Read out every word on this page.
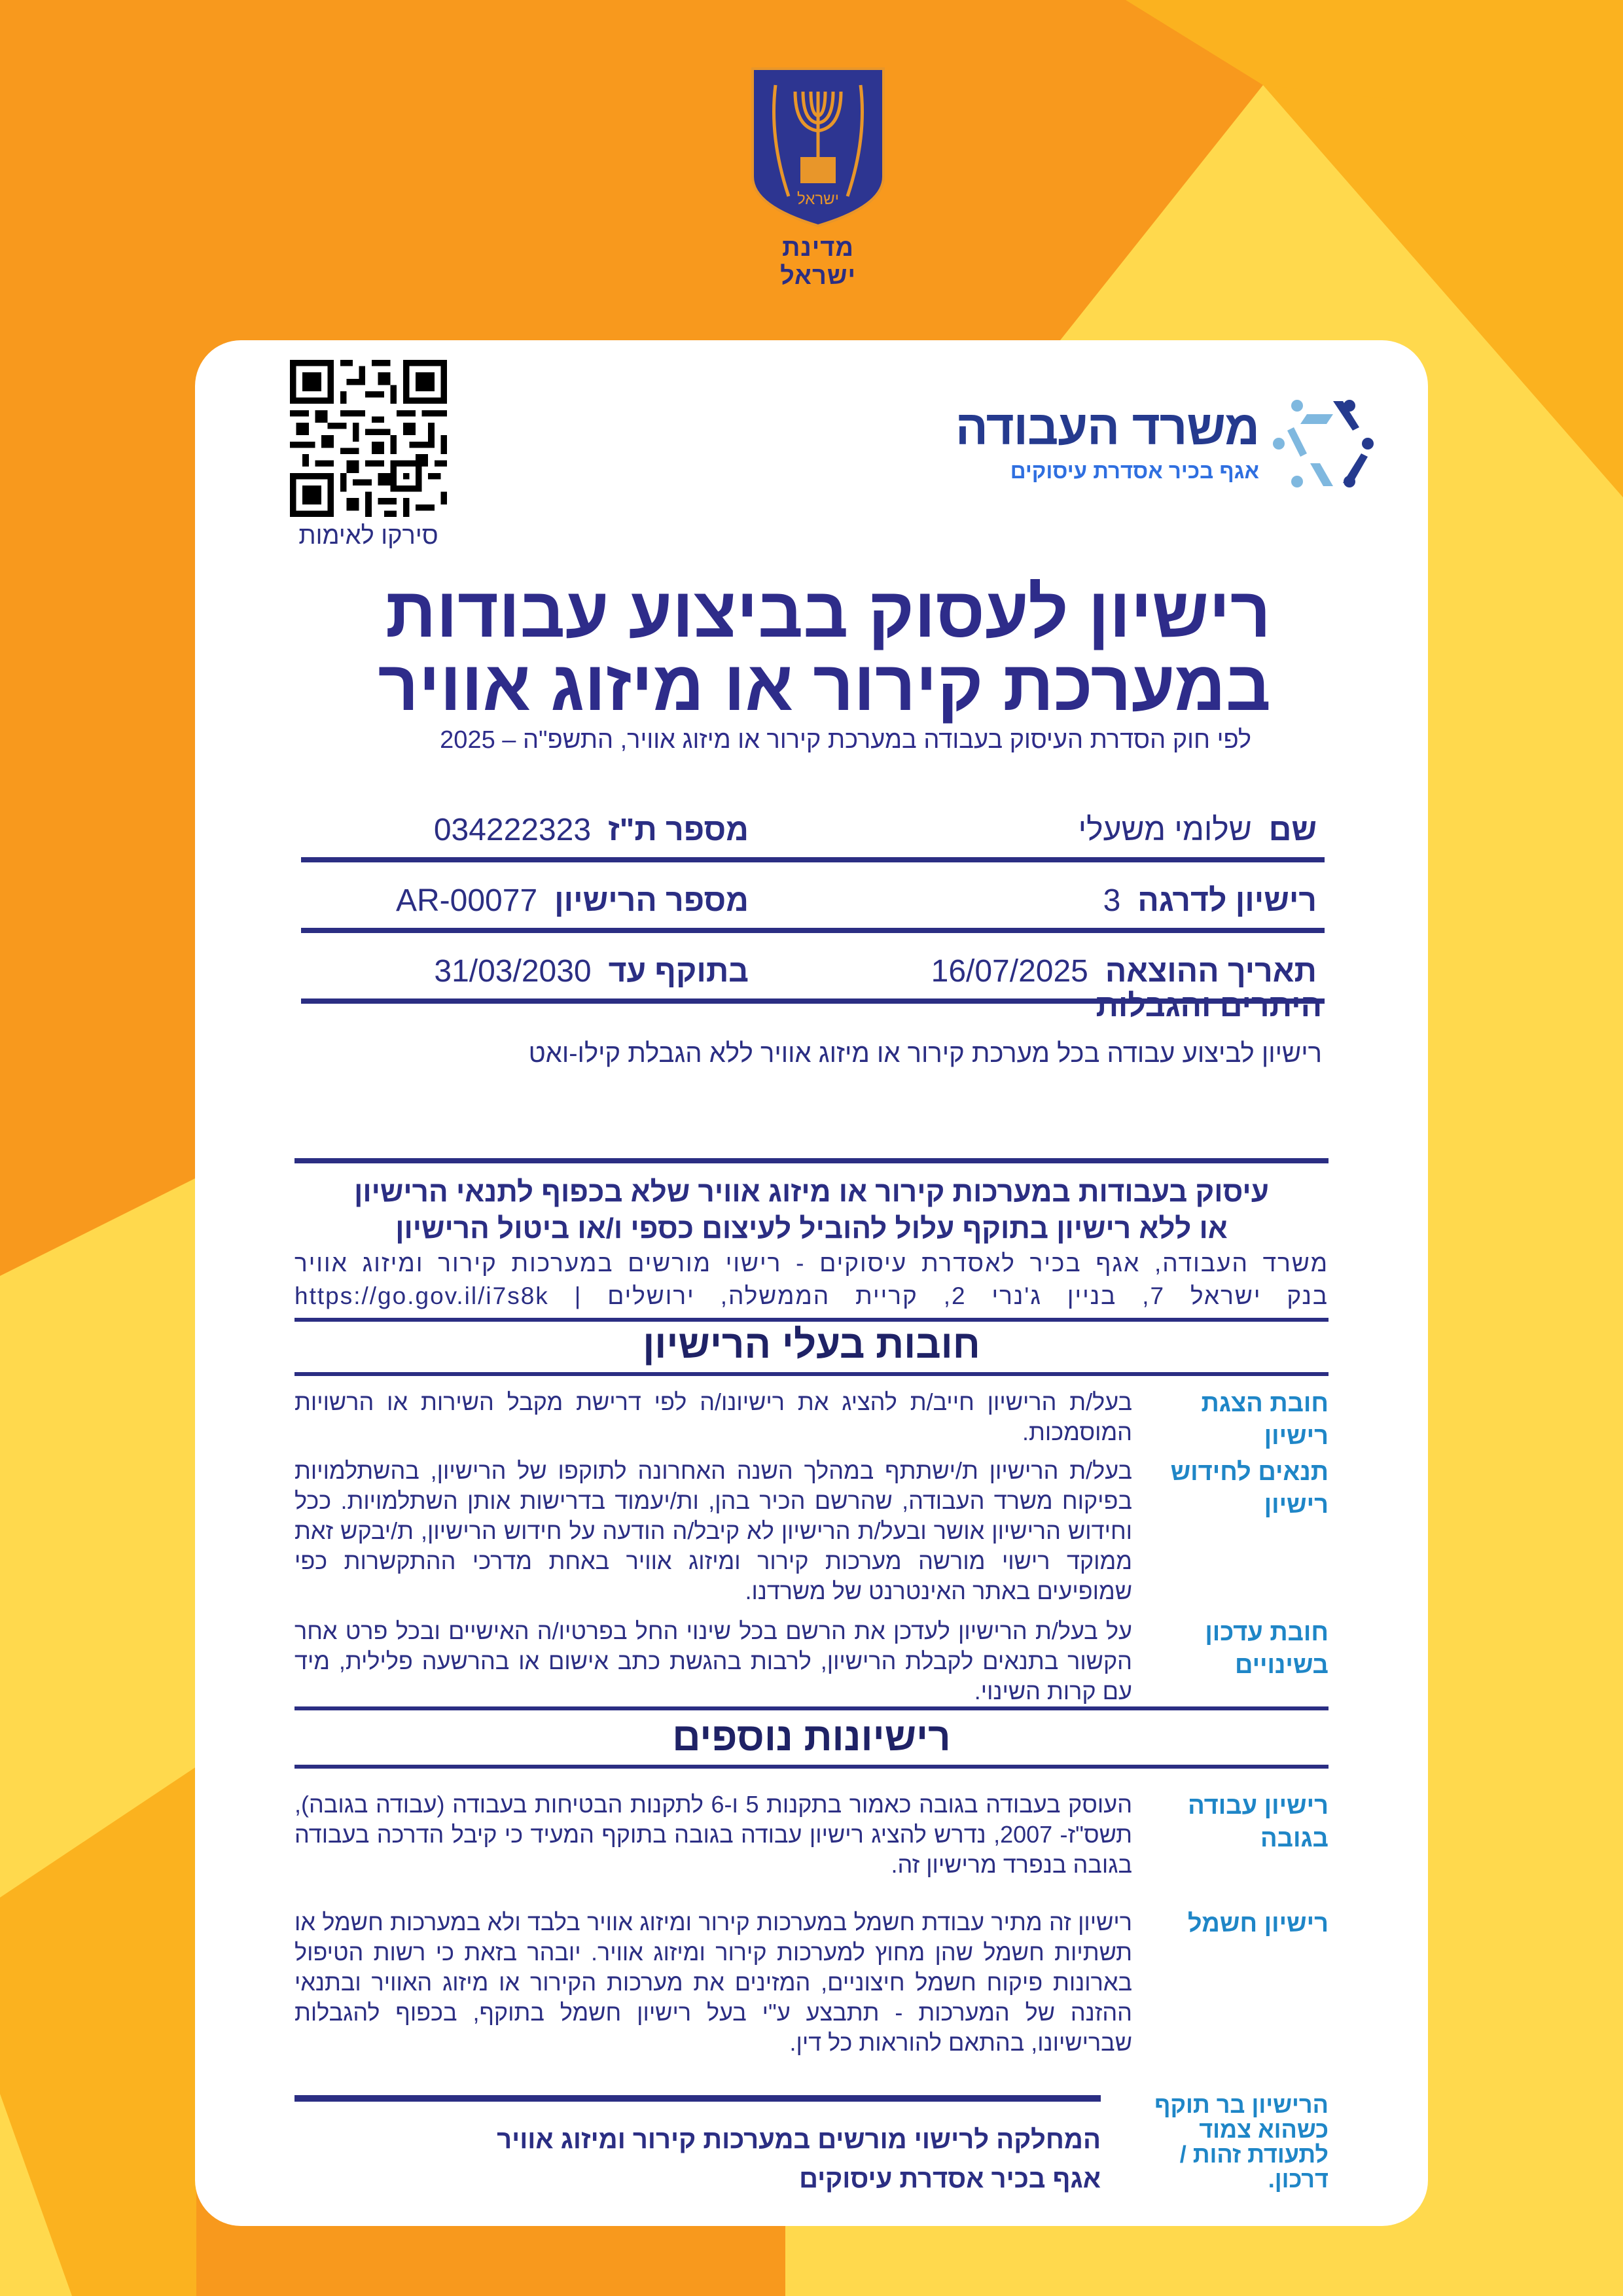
ישראל
מדינת ישראל
סירקו לאימות
משרד העבודה
אגף בכיר אסדרת עיסוקים
רישיון לעסוק בביצוע עבודות
במערכת קירור או מיזוג אוויר
לפי חוק הסדרת העיסוק בעבודה במערכת קירור או מיזוג אוויר, התשפ"ה – 2025
שם
שלומי משעלי
מספר ת"ז
034222323
רישיון לדרגה
3
מספר הרישיון
AR-00077
תאריך ההוצאה
16/07/2025
בתוקף עד
31/03/2030
היתרים והגבלות
רישיון לביצוע עבודה בכל מערכת קירור או מיזוג אוויר ללא הגבלת קילו-ואט
עיסוק בעבודות במערכות קירור או מיזוג אוויר שלא בכפוף לתנאי הרישיון
או ללא רישיון בתוקף עלול להוביל לעיצום כספי ו/או ביטול הרישיון
משרד העבודה, אגף בכיר לאסדרת עיסוקים - רישוי מורשים במערכות קירור ומיזוג אוויר
בנק ישראל 7, בניין ג'נרי 2, קריית הממשלה, ירושלים | https://go.gov.il/i7s8k
חובות בעלי הרישיון
חובת הצגת רישיון
בעל/ת הרישיון חייב/ת להציג את רישיונו/ה לפי דרישת מקבל השירות או הרשויות המוסמכות.
תנאים לחידוש רישיון
בעל/ת הרישיון ת/ישתתף במהלך השנה האחרונה לתוקפו של הרישיון, בהשתלמויות בפיקוח משרד העבודה, שהרשם הכיר בהן, ות/יעמוד בדרישות אותן השתלמויות. ככל וחידוש הרישיון אושר ובעל/ת הרישיון לא קיבל/ה הודעה על חידוש הרישיון, ת/יבקש זאת ממוקד רישוי מורשה מערכות קירור ומיזוג אוויר באחת מדרכי ההתקשרות כפי שמופיעים באתר האינטרנט של משרדנו.
חובת עדכון בשינויים
על בעל/ת הרישיון לעדכן את הרשם בכל שינוי החל בפרטיו/ה האישיים ובכל פרט אחר הקשור בתנאים לקבלת הרישיון, לרבות בהגשת כתב אישום או בהרשעה פלילית, מיד עם קרות השינוי.
רישיונות נוספים
רישיון עבודה בגובה
העוסק בעבודה בגובה כאמור בתקנות 5 ו-6 לתקנות הבטיחות בעבודה (עבודה בגובה), תשס"ז- 2007, נדרש להציג רישיון עבודה בגובה בתוקף המעיד כי קיבל הדרכה בעבודה בגובה בנפרד מרישיון זה.
רישיון חשמל
רישיון זה מתיר עבודת חשמל במערכות קירור ומיזוג אוויר בלבד ולא במערכות חשמל או תשתיות חשמל שהן מחוץ למערכות קירור ומיזוג אוויר. יובהר בזאת כי רשות הטיפול בארונות פיקוח חשמל חיצוניים, המזינים את מערכות הקירור או מיזוג האוויר ובתנאי ההזנה של המערכות - תתבצע ע"י בעל רישיון חשמל בתוקף, בכפוף להגבלות שברישיונו, בהתאם להוראות כל דין.
המחלקה לרישוי מורשים במערכות קירור ומיזוג אוויר
אגף בכיר אסדרת עיסוקים
הרישיון בר תוקף כשהוא צמוד לתעודת זהות / דרכון.
